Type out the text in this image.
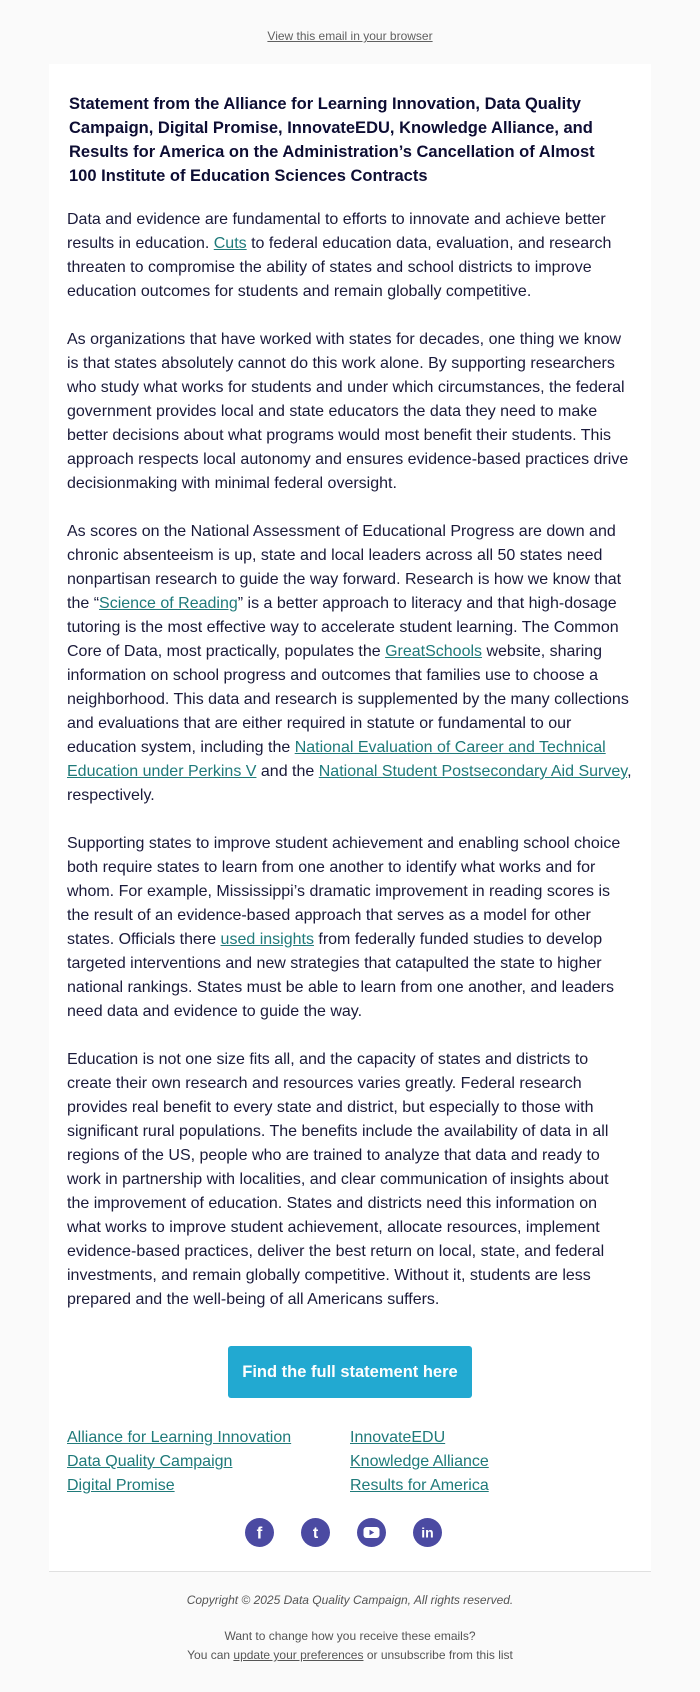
View this email in your browser
Statement from the Alliance for Learning Innovation, Data Quality Campaign, Digital Promise, InnovateEDU, Knowledge Alliance, and Results for America on the Administration’s Cancellation of Almost 100 Institute of Education Sciences Contracts

Data and evidence are fundamental to efforts to innovate and achieve better results in education. Cuts to federal education data, evaluation, and research threaten to compromise the ability of states and school districts to improve education outcomes for students and remain globally competitive.

As organizations that have worked with states for decades, one thing we know is that states absolutely cannot do this work alone. By supporting researchers who study what works for students and under which circumstances, the federal government provides local and state educators the data they need to make better decisions about what programs would most benefit their students. This approach respects local autonomy and ensures evidence-based practices drive decisionmaking with minimal federal oversight.

As scores on the National Assessment of Educational Progress are down and chronic absenteeism is up, state and local leaders across all 50 states need nonpartisan research to guide the way forward. Research is how we know that the “Science of Reading” is a better approach to literacy and that high-dosage tutoring is the most effective way to accelerate student learning. The Common Core of Data, most practically, populates the GreatSchools website, sharing information on school progress and outcomes that families use to choose a neighborhood. This data and research is supplemented by the many collections and evaluations that are either required in statute or fundamental to our education system, including the National Evaluation of Career and Technical Education under Perkins V and the National Student Postsecondary Aid Survey, respectively.

Supporting states to improve student achievement and enabling school choice both require states to learn from one another to identify what works and for whom. For example, Mississippi’s dramatic improvement in reading scores is the result of an evidence-based approach that serves as a model for other states. Officials there used insights from federally funded studies to develop targeted interventions and new strategies that catapulted the state to higher national rankings. States must be able to learn from one another, and leaders need data and evidence to guide the way.

Education is not one size fits all, and the capacity of states and districts to create their own research and resources varies greatly. Federal research provides real benefit to every state and district, but especially to those with significant rural populations. The benefits include the availability of data in all regions of the US, people who are trained to analyze that data and ready to work in partnership with localities, and clear communication of insights about the improvement of education. States and districts need this information on what works to improve student achievement, allocate resources, implement evidence-based practices, deliver the best return on local, state, and federal investments, and remain globally competitive. Without it, students are less prepared and the well-being of all Americans suffers.

Find the full statement here
Alliance for Learning Innovation
Data Quality Campaign
Digital Promise
InnovateEDU
Knowledge Alliance
Results for America
f	t	in
Copyright © 2025 Data Quality Campaign, All rights reserved.
Want to change how you receive these emails?
You can update your preferences or unsubscribe from this list
